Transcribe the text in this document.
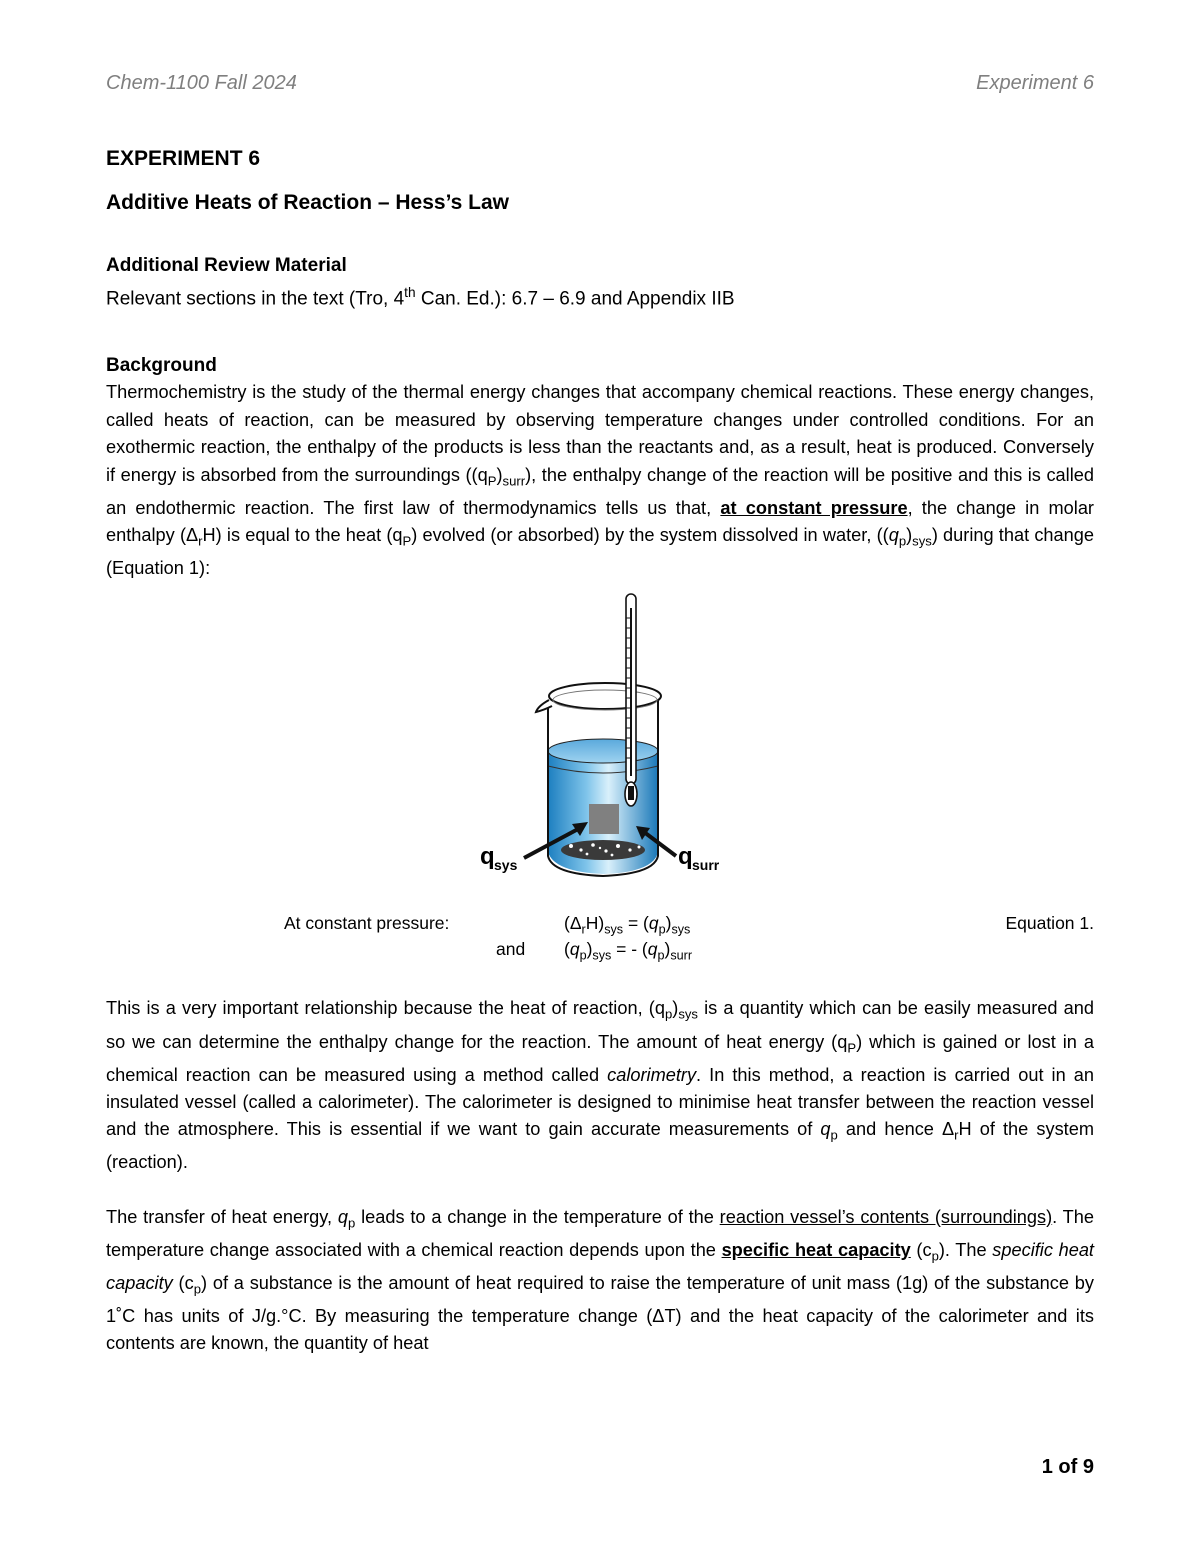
Chem-1100 Fall 2024	Experiment 6

EXPERIMENT 6

Additive Heats of Reaction – Hess’s Law

Additional Review Material
Relevant sections in the text (Tro, 4th Can. Ed.): 6.7 – 6.9 and Appendix IIB
Background

Thermochemistry is the study of the thermal energy changes that accompany chemical reactions. These energy changes, called heats of reaction, can be measured by observing temperature changes under controlled conditions. For an exothermic reaction, the enthalpy of the products is less than the reactants and, as a result, heat is produced. Conversely if energy is absorbed from the surroundings $((q_P)_{surr})$, the enthalpy change of the reaction will be positive and this is called an endothermic reaction. The first law of thermodynamics tells us that, at constant pressure, the change in molar enthalpy $(\Delta_rH)$ is equal to the heat $(q_P)$ evolved (or absorbed) by the system dissolved in water, $((q_p)_{sys})$ during that change (Equation 1):

q sys	q surr
At constant pressure:	$(\Delta_rH)_{sys} = (q_p)_{sys}$	Equation 1.
and $(q_p)_{sys}$ = - $(q_p)_{surr}$

This is a very important relationship because the heat of reaction, $(q_p)_{sys}$ is a quantity which can be easily measured and so we can determine the enthalpy change for the reaction. The amount of heat energy $(q_P)$ which is gained or lost in a chemical reaction can be measured using a method called calorimetry. In this method, a reaction is carried out in an insulated vessel (called a calorimeter). The calorimeter is designed to minimise heat transfer between the reaction vessel and the atmosphere. This is essential if we want to gain accurate measurements of $q_p$ and hence $\Delta_rH$ of the system (reaction).

The transfer of heat energy, $q_p$ leads to a change in the temperature of the reaction vessel’s contents (surroundings). The temperature change associated with a chemical reaction depends upon the specific heat capacity $(c_p)$. The specific heat capacity $(c_p)$ of a substance is the amount of heat required to raise the temperature of unit mass (1g) of the substance by 1˚C has units of J/g.°C. By measuring the temperature change (ΔT) and the heat capacity of the calorimeter and its contents are known, the quantity of heat

1 of 9
